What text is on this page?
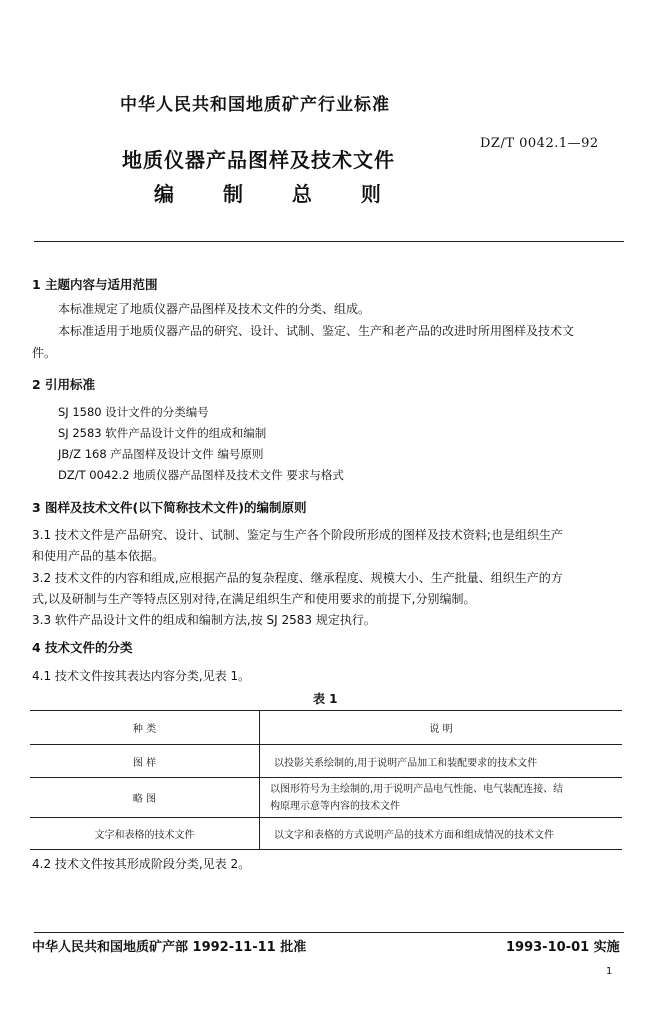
中华人民共和国地质矿产行业标准
DZ/T 0042.1—92
地质仪器产品图样及技术文件
编 制 总 则
1 主题内容与适用范围
本标准规定了地质仪器产品图样及技术文件的分类、组成。
本标准适用于地质仪器产品的研究、设计、试制、鉴定、生产和老产品的改进时所用图样及技术文
件。
2 引用标准
SJ 1580 设计文件的分类编号
SJ 2583 软件产品设计文件的组成和编制
JB/Z 168 产品图样及设计文件 编号原则
DZ/T 0042.2 地质仪器产品图样及技术文件 要求与格式
3 图样及技术文件(以下简称技术文件)的编制原则
3.1 技术文件是产品研究、设计、试制、鉴定与生产各个阶段所形成的图样及技术资料;也是组织生产
和使用产品的基本依据。
3.2 技术文件的内容和组成,应根据产品的复杂程度、继承程度、规模大小、生产批量、组织生产的方
式,以及研制与生产等特点区别对待,在满足组织生产和使用要求的前提下,分别编制。
3.3 软件产品设计文件的组成和编制方法,按 SJ 2583 规定执行。
4 技术文件的分类
4.1 技术文件按其表达内容分类,见表 1。
表 1
种 类	说 明
图 样	以投影关系绘制的,用于说明产品加工和装配要求的技术文件
略 图	以图形符号为主绘制的,用于说明产品电气性能、电气装配连接、结
构原理示意等内容的技术文件

文字和表格的技术文件	以文字和表格的方式说明产品的技术方面和组成情况的技术文件
4.2 技术文件按其形成阶段分类,见表 2。
中华人民共和国地质矿产部 1992-11-11 批准	1993-10-01 实施
1
